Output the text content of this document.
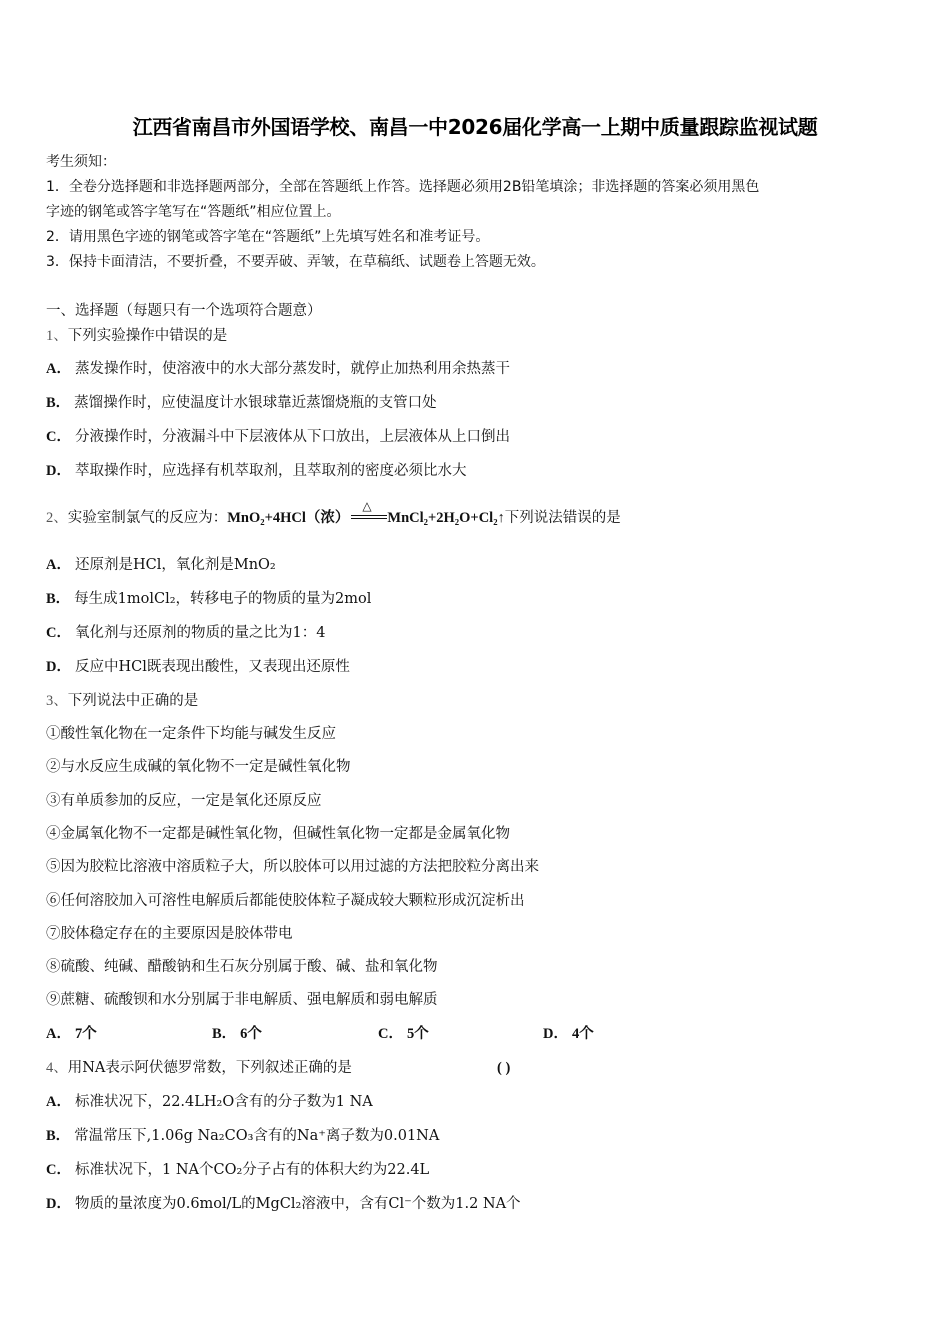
江西省南昌市外国语学校、南昌一中2026届化学高一上期中质量跟踪监视试题
考生须知：
1．全卷分选择题和非选择题两部分，全部在答题纸上作答。选择题必须用2B铅笔填涂；非选择题的答案必须用黑色
字迹的钢笔或答字笔写在“答题纸”相应位置上。
2．请用黑色字迹的钢笔或答字笔在“答题纸”上先填写姓名和准考证号。
3．保持卡面清洁，不要折叠，不要弄破、弄皱，在草稿纸、试题卷上答题无效。
一、选择题（每题只有一个选项符合题意）
1、下列实验操作中错误的是
A． 蒸发操作时，使溶液中的水大部分蒸发时，就停止加热利用余热蒸干
B． 蒸馏操作时，应使温度计水银球靠近蒸馏烧瓶的支管口处
C． 分液操作时，分液漏斗中下层液体从下口放出，上层液体从上口倒出
D． 萃取操作时，应选择有机萃取剂，且萃取剂的密度必须比水大
2、实验室制氯气的反应为：MnO₂+4HCl（浓）
△
MnCl₂+2H₂O+Cl₂↑下列说法错误的是
A． 还原剂是HCl，氧化剂是MnO₂
B． 每生成1molCl₂，转移电子的物质的量为2mol
C． 氧化剂与还原剂的物质的量之比为1：4
D． 反应中HCl既表现出酸性，又表现出还原性
3、下列说法中正确的是
①酸性氧化物在一定条件下均能与碱发生反应
②与水反应生成碱的氧化物不一定是碱性氧化物
③有单质参加的反应，一定是氧化还原反应
④金属氧化物不一定都是碱性氧化物，但碱性氧化物一定都是金属氧化物
⑤因为胶粒比溶液中溶质粒子大，所以胶体可以用过滤的方法把胶粒分离出来
⑥任何溶胶加入可溶性电解质后都能使胶体粒子凝成较大颗粒形成沉淀析出
⑦胶体稳定存在的主要原因是胶体带电
⑧硫酸、纯碱、醋酸钠和生石灰分别属于酸、碱、盐和氧化物
⑨蔗糖、硫酸钡和水分别属于非电解质、强电解质和弱电解质
A． 7个	B． 6个	C． 5个	D． 4个
4、用NA表示阿伏德罗常数，下列叙述正确的是	( )
A． 标准状况下，22.4LH₂O含有的分子数为1 NA
B． 常温常压下,1.06g Na₂CO₃含有的Na⁺离子数为0.01NA
C． 标准状况下，1 NA个CO₂分子占有的体积大约为22.4L
D． 物质的量浓度为0.6mol/L的MgCl₂溶液中，含有Cl⁻个数为1.2 NA个
